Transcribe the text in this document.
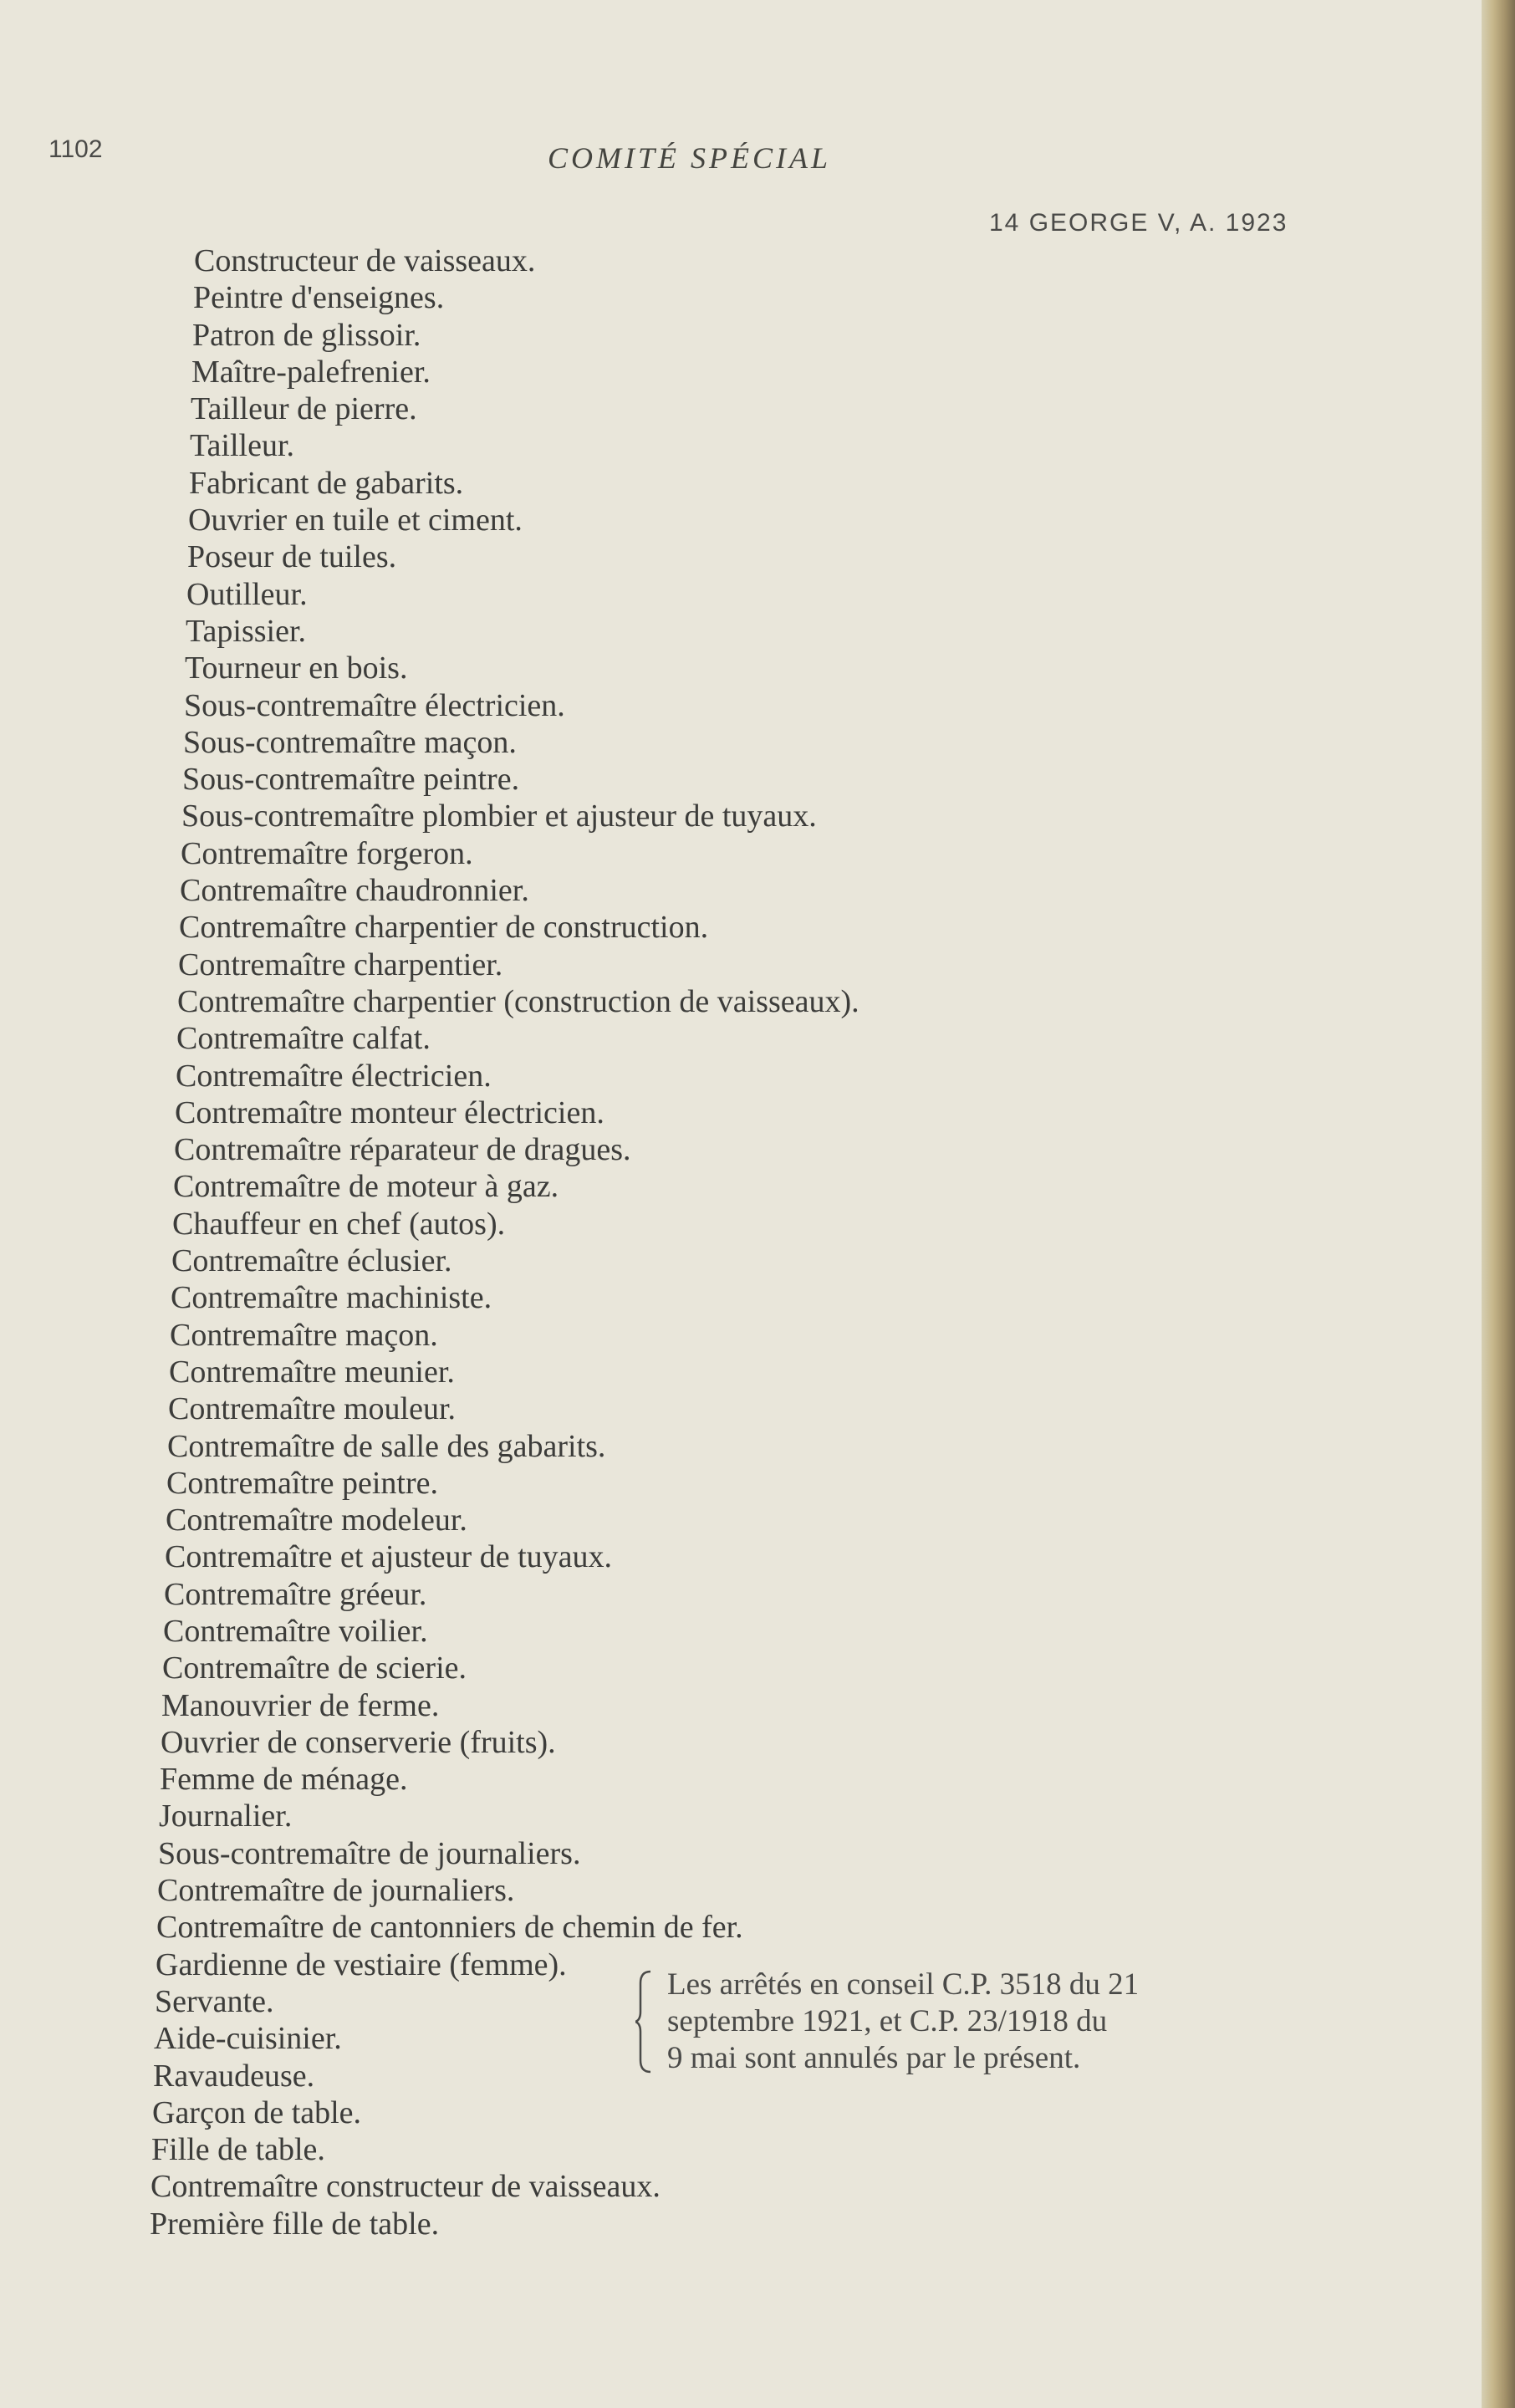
1102	COMITÉ SPÉCIAL
14 GEORGE V, A. 1923
Constructeur de vaisseaux.
Peintre d'enseignes.
Patron de glissoir.
Maître-palefrenier.
Tailleur de pierre.
Tailleur.
Fabricant de gabarits.
Ouvrier en tuile et ciment.
Poseur de tuiles.
Outilleur.
Tapissier.
Tourneur en bois.
Sous-contremaître électricien.
Sous-contremaître maçon.
Sous-contremaître peintre.
Sous-contremaître plombier et ajusteur de tuyaux.
Contremaître forgeron.
Contremaître chaudronnier.
Contremaître charpentier de construction.
Contremaître charpentier.
Contremaître charpentier (construction de vaisseaux).
Contremaître calfat.
Contremaître électricien.
Contremaître monteur électricien.
Contremaître réparateur de dragues.
Contremaître de moteur à gaz.
Chauffeur en chef (autos).
Contremaître éclusier.
Contremaître machiniste.
Contremaître maçon.
Contremaître meunier.
Contremaître mouleur.
Contremaître de salle des gabarits.
Contremaître peintre.
Contremaître modeleur.
Contremaître et ajusteur de tuyaux.
Contremaître gréeur.
Contremaître voilier.
Contremaître de scierie.
Manouvrier de ferme.
Ouvrier de conserverie (fruits).
Femme de ménage.
Journalier.
Sous-contremaître de journaliers.
Contremaître de journaliers.
Contremaître de cantonniers de chemin de fer.
Gardienne de vestiaire (femme).
Servante.
Aide-cuisinier.
Ravaudeuse.
Garçon de table.
Fille de table.
Contremaître constructeur de vaisseaux.
Première fille de table.
Les arrêtés en conseil C.P. 3518 du 21
septembre 1921, et C.P. 23/1918 du
9 mai sont annulés par le présent.
